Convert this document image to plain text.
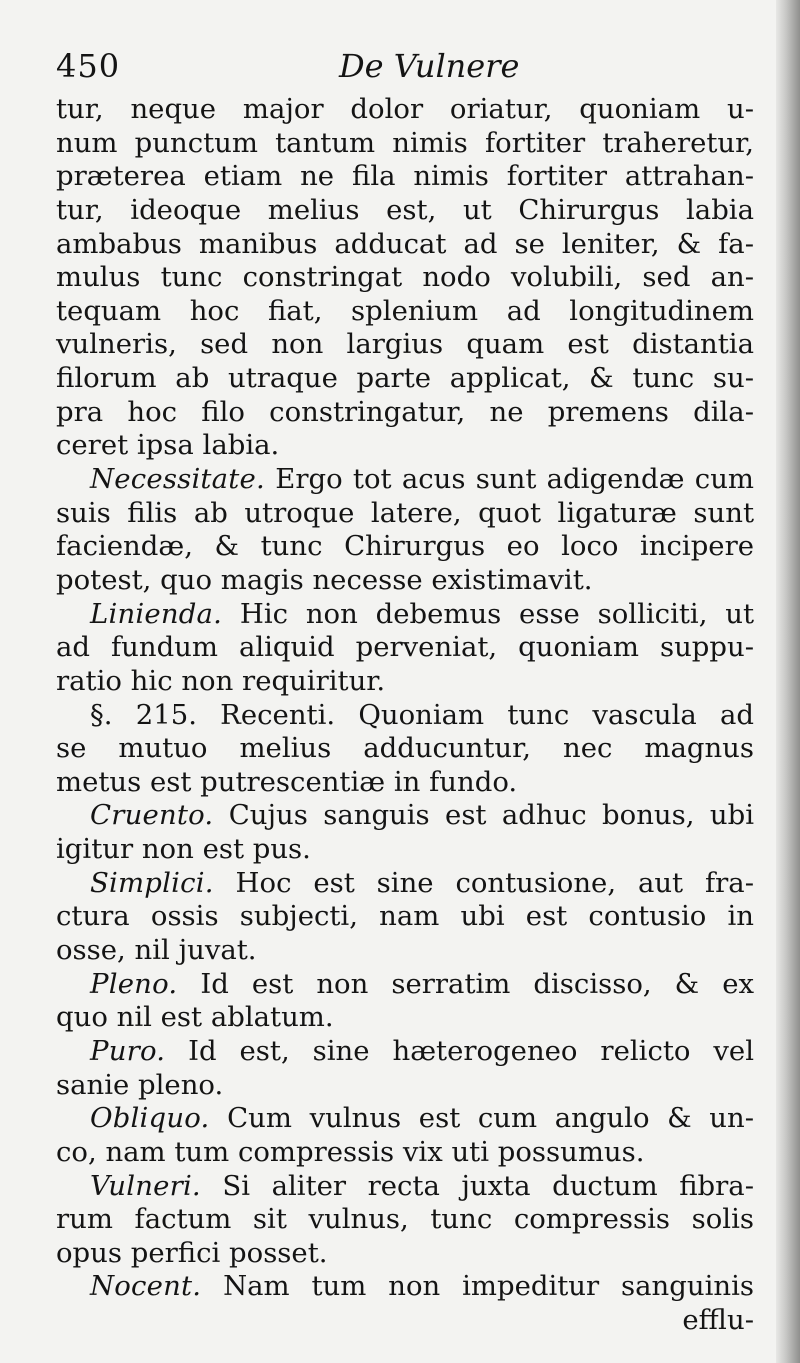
450	De Vulnere
tur, neque major dolor oriatur, quoniam u-
num punctum tantum nimis fortiter traheretur,
præterea etiam ne fila nimis fortiter attrahan-
tur, ideoque melius est, ut Chirurgus labia
ambabus manibus adducat ad se leniter, & fa-
mulus tunc constringat nodo volubili, sed an-
tequam hoc fiat, splenium ad longitudinem
vulneris, sed non largius quam est distantia
filorum ab utraque parte applicat, & tunc su-
pra hoc filo constringatur, ne premens dila-
ceret ipsa labia.
Necessitate. Ergo tot acus sunt adigendæ cum
suis filis ab utroque latere, quot ligaturæ sunt
faciendæ, & tunc Chirurgus eo loco incipere
potest, quo magis necesse existimavit.
Linienda. Hic non debemus esse solliciti, ut
ad fundum aliquid perveniat, quoniam suppu-
ratio hic non requiritur.
§. 215. Recenti. Quoniam tunc vascula ad
se mutuo melius adducuntur, nec magnus
metus est putrescentiæ in fundo.
Cruento. Cujus sanguis est adhuc bonus, ubi
igitur non est pus.
Simplici. Hoc est sine contusione, aut fra-
ctura ossis subjecti, nam ubi est contusio in
osse, nil juvat.
Pleno. Id est non serratim discisso, & ex
quo nil est ablatum.
Puro. Id est, sine hæterogeneo relicto vel
sanie pleno.
Obliquo. Cum vulnus est cum angulo & un-
co, nam tum compressis vix uti possumus.
Vulneri. Si aliter recta juxta ductum fibra-
rum factum sit vulnus, tunc compressis solis
opus perfici posset.
Nocent. Nam tum non impeditur sanguinis
efflu-
